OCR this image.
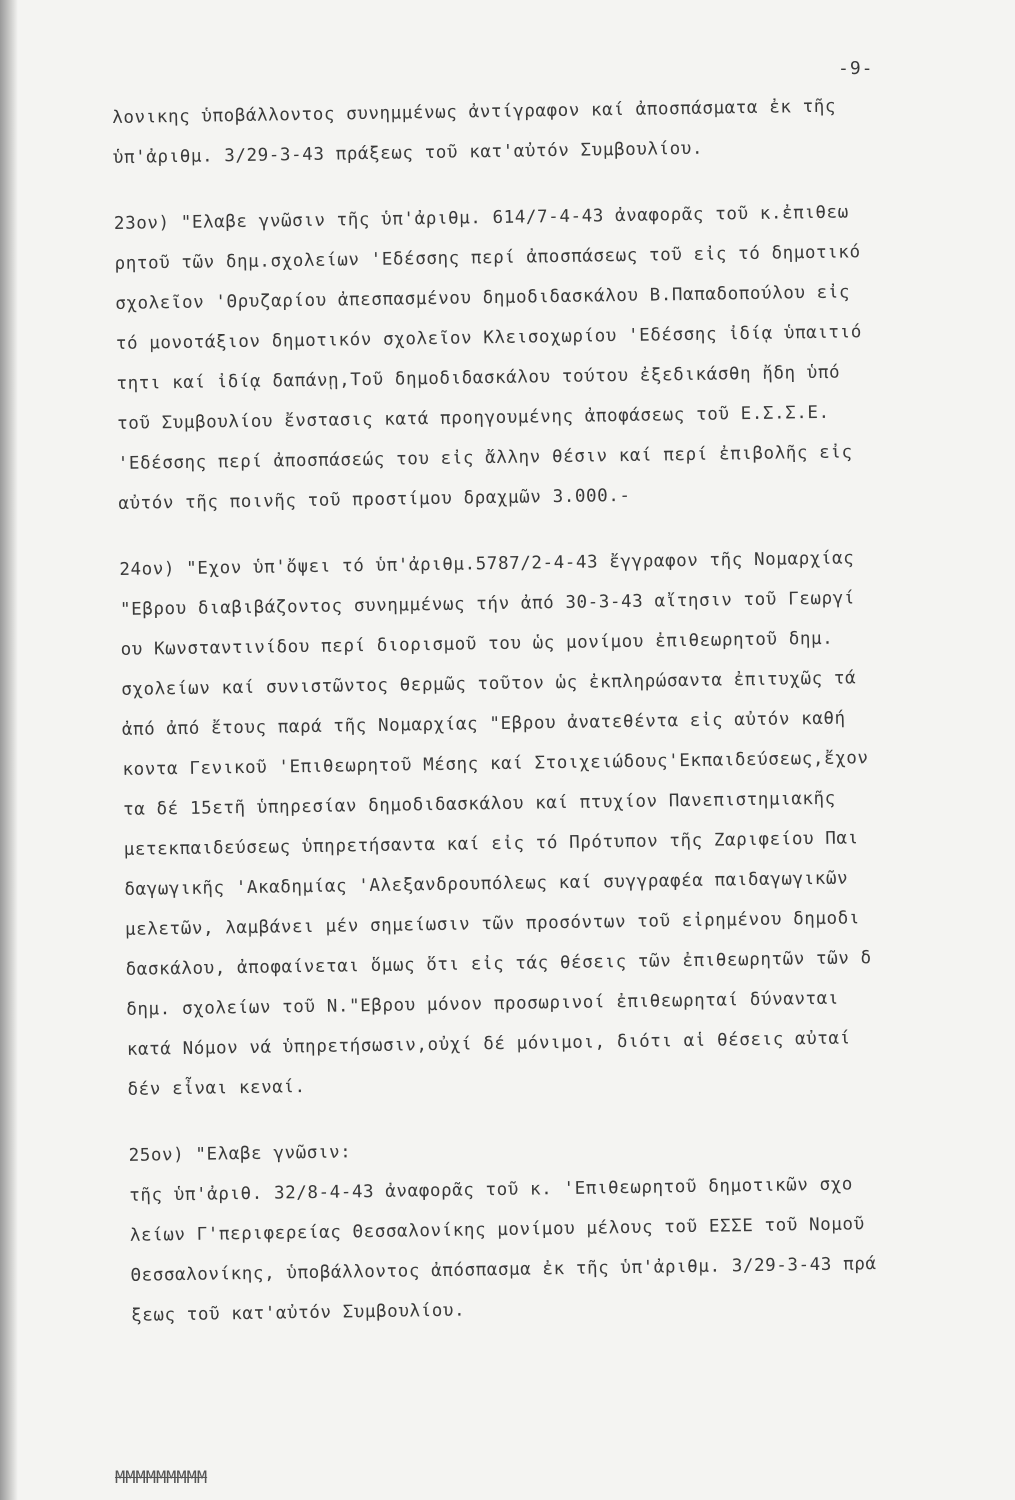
-9-
λονικης ὑποβάλλοντος συνημμένως ἀντίγραφον καί ἀποσπάσματα ἐκ τῆς
ὑπ'ἀριθμ. 3/29-3-43 πράξεως τοῦ κατ'αὐτόν Συμβουλίου.
23ον) "Ελαβε γνῶσιν τῆς ὑπ'ἀριθμ. 614/7-4-43 ἀναφορᾶς τοῦ κ.ἐπιθεω
ρητοῦ τῶν δημ.σχολείων 'Εδέσσης περί ἀποσπάσεως τοῦ εἰς τό δημοτικό
σχολεῖον 'Θρυζαρίου ἀπεσπασμένου δημοδιδασκάλου Β.Παπαδοπούλου εἰς
τό μονοτάξιον δημοτικόν σχολεῖον Κλεισοχωρίου 'Εδέσσης ἰδίᾳ ὑπαιτιό
τητι καί ἰδίᾳ δαπάνῃ,Τοῦ δημοδιδασκάλου τούτου ἐξεδικάσθη ἤδη ὑπό
τοῦ Συμβουλίου ἔνστασις κατά προηγουμένης ἀποφάσεως τοῦ Ε.Σ.Σ.Ε.
'Εδέσσης περί ἀποσπάσεώς του εἰς ἄλλην θέσιν καί περί ἐπιβολῆς εἰς
αὐτόν τῆς ποινῆς τοῦ προστίμου δραχμῶν 3.000.-
24ον) "Εχον ὑπ'ὄψει τό ὑπ'ἀριθμ.5787/2-4-43 ἔγγραφον τῆς Νομαρχίας
"Εβρου διαβιβάζοντος συνημμένως τήν ἀπό 30-3-43 αἴτησιν τοῦ Γεωργί
ου Κωνσταντινίδου περί διορισμοῦ του ὡς μονίμου ἐπιθεωρητοῦ δημ.
σχολείων καί συνιστῶντος θερμῶς τοῦτον ὡς ἐκπληρώσαντα ἐπιτυχῶς τά
ἀπό ἀπό ἔτους παρά τῆς Νομαρχίας "Εβρου ἀνατεθέντα εἰς αὐτόν καθή
κοντα Γενικοῦ 'Επιθεωρητοῦ Μέσης καί Στοιχειώδους'Εκπαιδεύσεως,ἔχον
τα δέ 15ετῆ ὑπηρεσίαν δημοδιδασκάλου καί πτυχίον Πανεπιστημιακῆς
μετεκπαιδεύσεως ὑπηρετήσαντα καί εἰς τό Πρότυπον τῆς Ζαριφείου Παι
δαγωγικῆς 'Ακαδημίας 'Αλεξανδρουπόλεως καί συγγραφέα παιδαγωγικῶν
μελετῶν, λαμβάνει μέν σημείωσιν τῶν προσόντων τοῦ εἰρημένου δημοδι
δασκάλου, ἀποφαίνεται ὅμως ὅτι εἰς τάς θέσεις τῶν ἐπιθεωρητῶν τῶν δ
δημ. σχολείων τοῦ Ν."Εβρου μόνον προσωρινοί ἐπιθεωρηταί δύνανται
κατά Νόμον νά ὑπηρετήσωσιν,οὐχί δέ μόνιμοι, διότι αἱ θέσεις αὐταί
δέν εἶναι κεναί.
25ον) "Ελαβε γνῶσιν:
τῆς ὑπ'ἀριθ. 32/8-4-43 ἀναφορᾶς τοῦ κ. 'Επιθεωρητοῦ δημοτικῶν σχο
λείων Γ'περιφερείας Θεσσαλονίκης μονίμου μέλους τοῦ ΕΣΣΕ τοῦ Νομοῦ
Θεσσαλονίκης, ὑποβάλλοντος ἀπόσπασμα ἐκ τῆς ὑπ'ἀριθμ. 3/29-3-43 πρά
ξεως τοῦ κατ'αὐτόν Συμβουλίου.
ΜΜΜΜΜΜΜΜΜ
